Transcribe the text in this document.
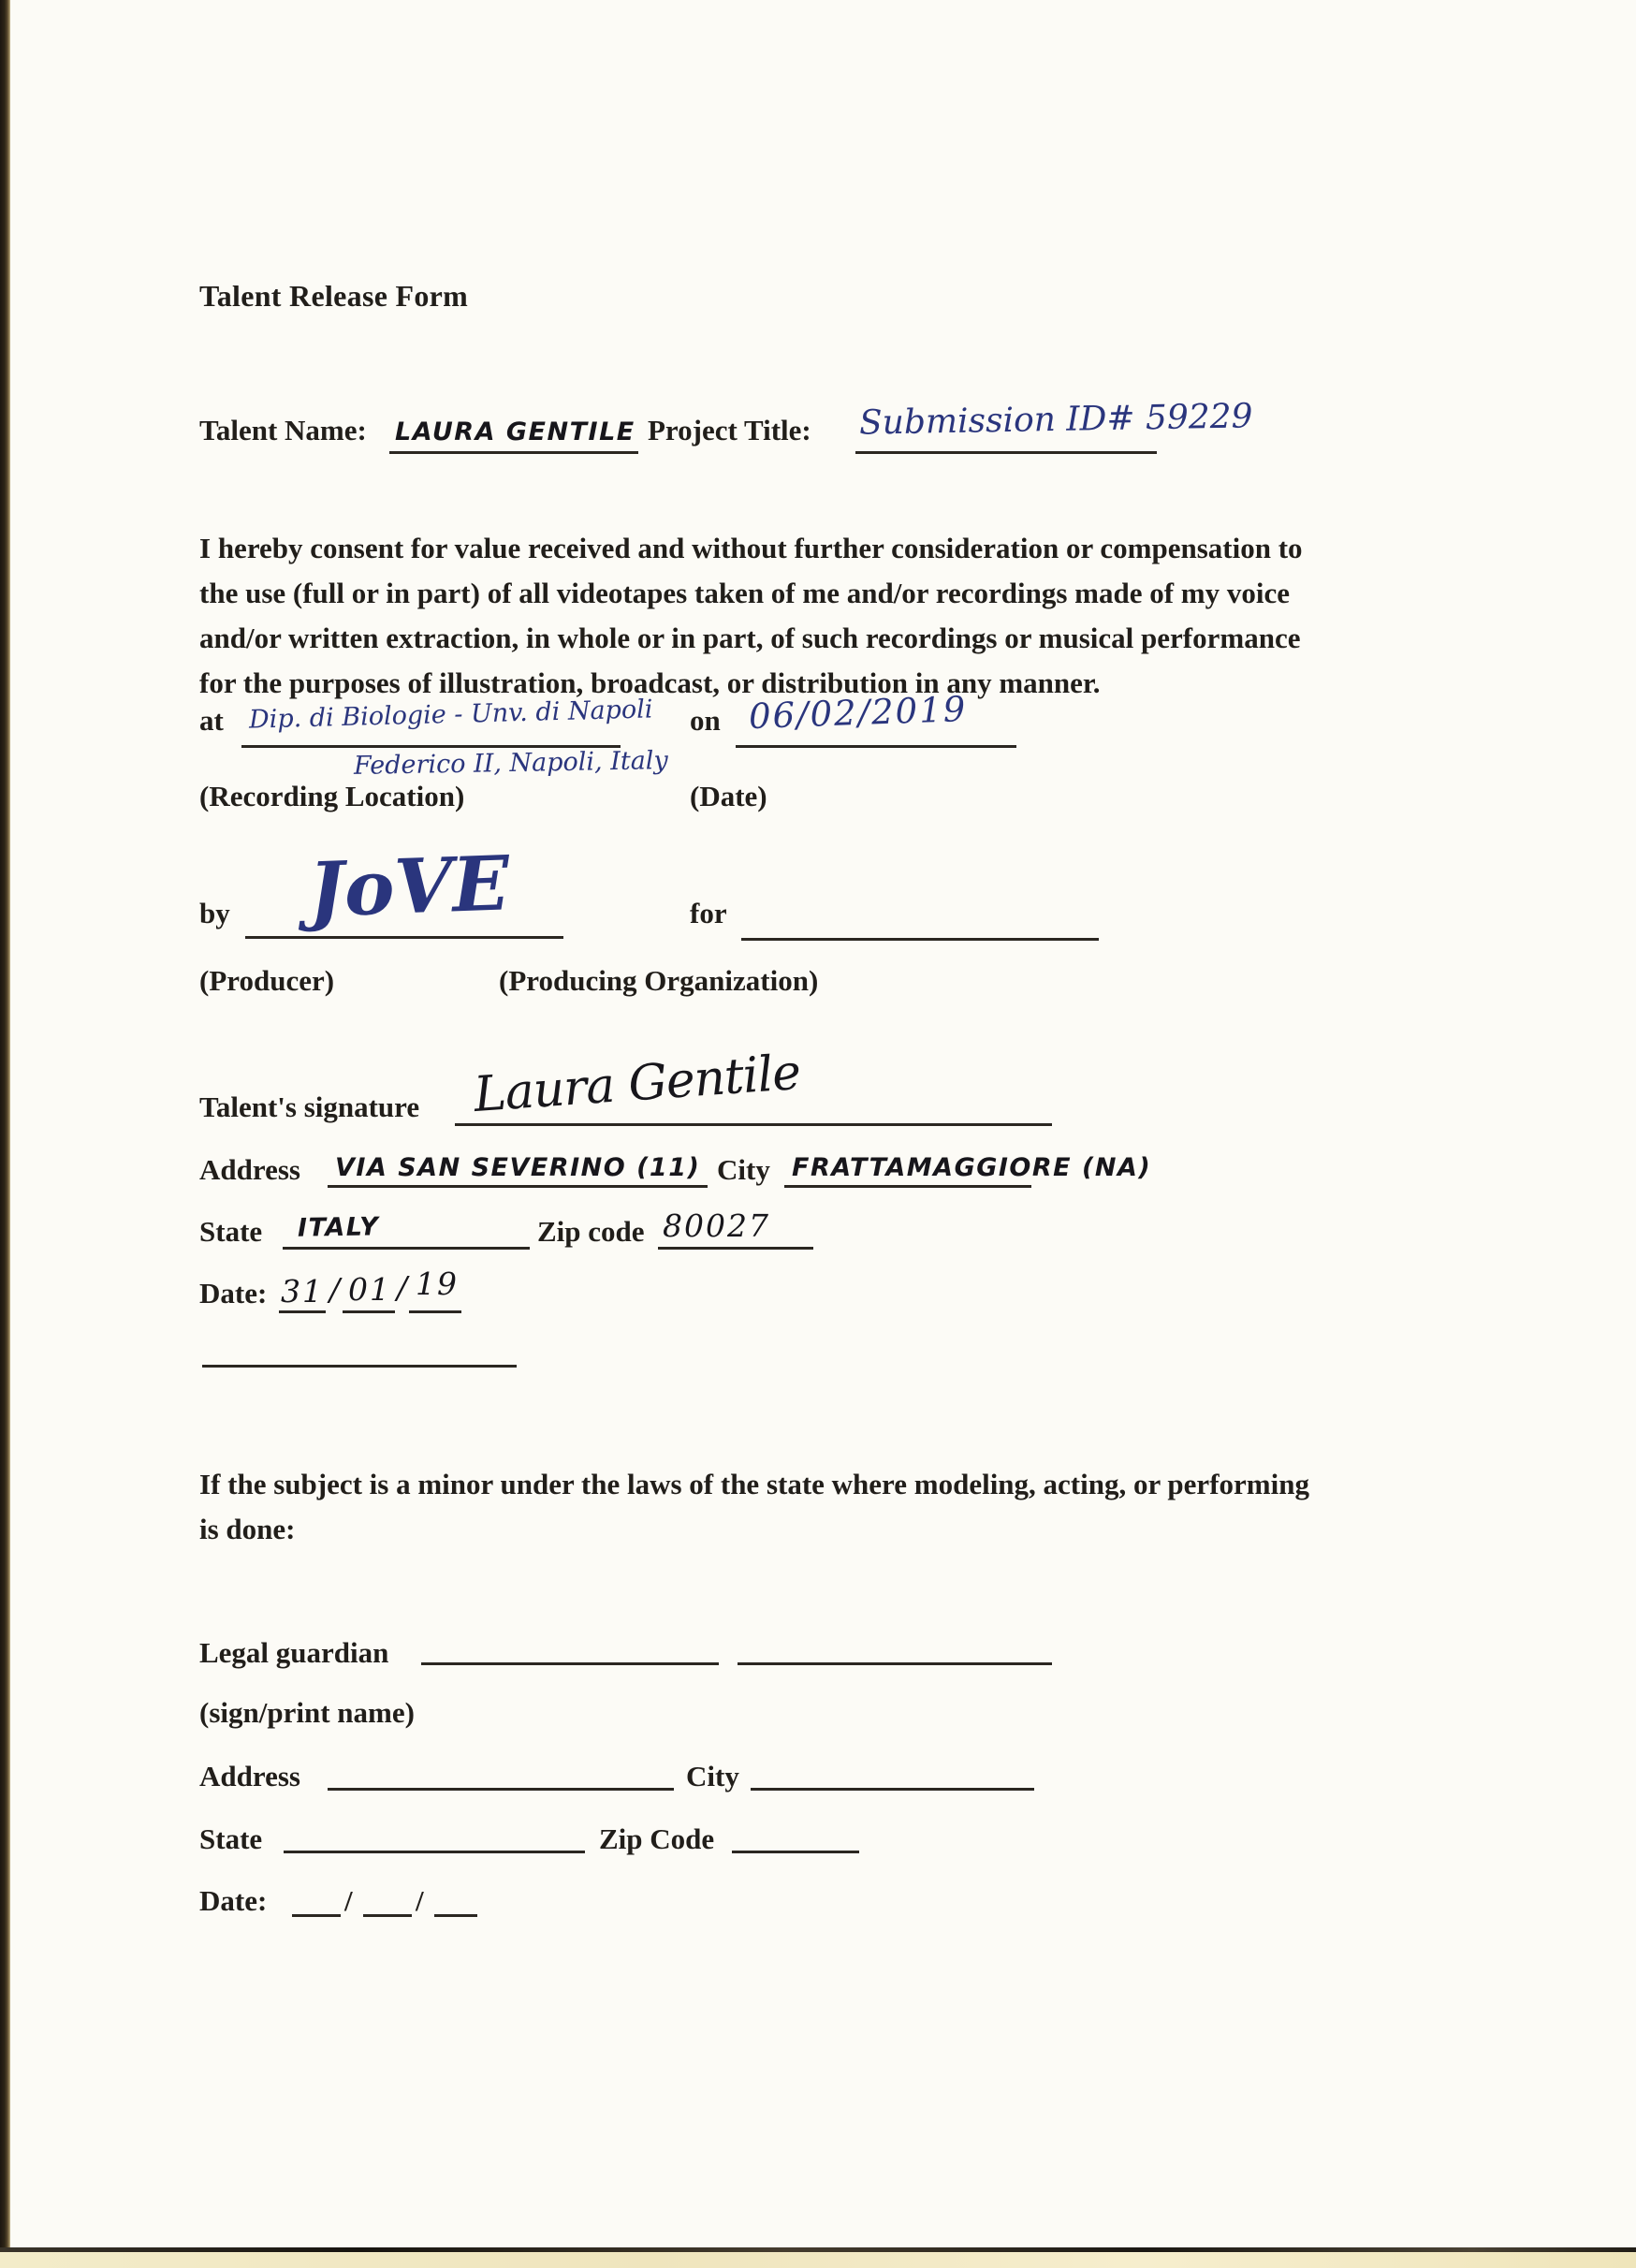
Talent Release Form
Talent Name: LAURA GENTILE Project Title: Submission ID# 59229
I hereby consent for value received and without further consideration or compensation to
the use (full or in part) of all videotapes taken of me and/or recordings made of my voice
and/or written extraction, in whole or in part, of such recordings or musical performance
for the purposes of illustration, broadcast, or distribution in any manner.
at Dip. di Biologie - Unv. di Napoli
Federico II, Napoli, Italy
(Recording Location)
on 06/02/2019
(Date)
by JoVE	for
(Producer)	(Producing Organization)
Talent's signature Laura Gentile
Address VIA SAN SEVERINO (11) City FRATTAMAGGIORE (NA)
State ITALY	Zip code 80027
Date: 31 / 01 / 19
If the subject is a minor under the laws of the state where modeling, acting, or performing
is done:
Legal guardian
(sign/print name)
Address	City
State	Zip Code
Date:	/ /
